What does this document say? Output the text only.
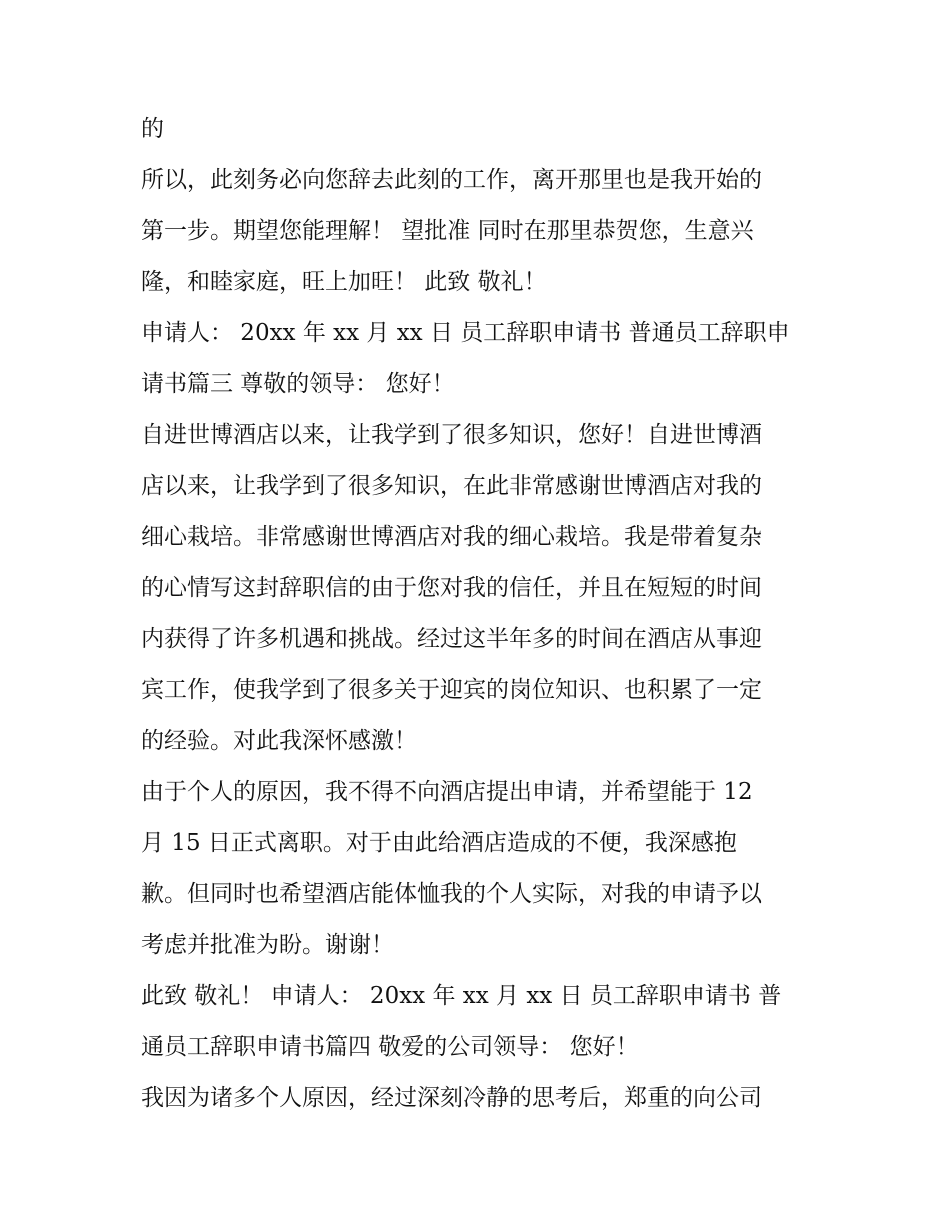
的
所以，此刻务必向您辞去此刻的工作，离开那里也是我开始的
第一步。期望您能理解！ 望批准 同时在那里恭贺您，生意兴
隆，和睦家庭，旺上加旺！ 此致 敬礼！
申请人： 20xx 年 xx 月 xx 日 员工辞职申请书 普通员工辞职申
请书篇三 尊敬的领导： 您好！
自进世博酒店以来，让我学到了很多知识，您好！自进世博酒
店以来，让我学到了很多知识，在此非常感谢世博酒店对我的
细心栽培。非常感谢世博酒店对我的细心栽培。我是带着复杂
的心情写这封辞职信的由于您对我的信任，并且在短短的时间
内获得了许多机遇和挑战。经过这半年多的时间在酒店从事迎
宾工作，使我学到了很多关于迎宾的岗位知识、也积累了一定
的经验。对此我深怀感激！
由于个人的原因，我不得不向酒店提出申请，并希望能于 12
月 15 日正式离职。对于由此给酒店造成的不便，我深感抱
歉。但同时也希望酒店能体恤我的个人实际，对我的申请予以
考虑并批准为盼。谢谢！
此致 敬礼！ 申请人： 20xx 年 xx 月 xx 日 员工辞职申请书 普
通员工辞职申请书篇四 敬爱的公司领导： 您好！
我因为诸多个人原因，经过深刻冷静的思考后，郑重的向公司
